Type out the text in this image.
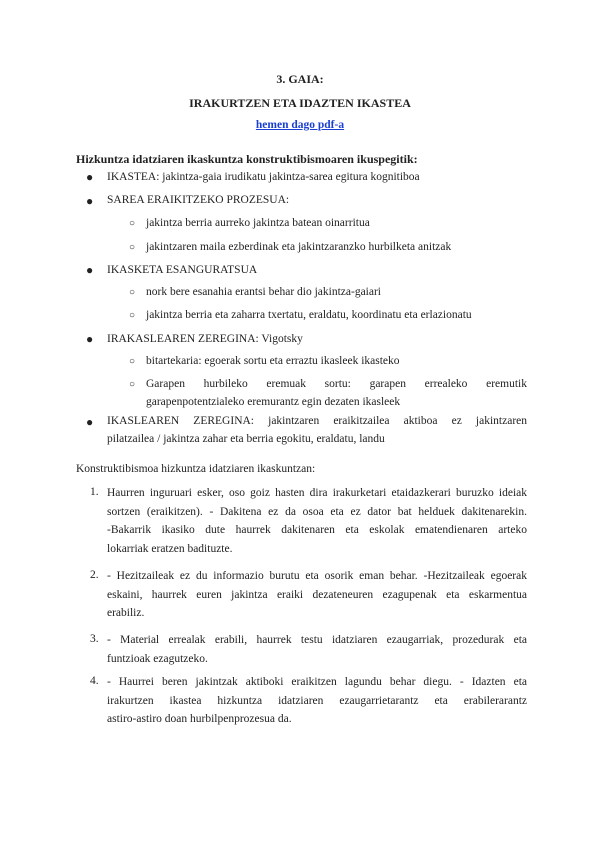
3. GAIA:
IRAKURTZEN ETA IDAZTEN IKASTEA
hemen dago pdf-a
Hizkuntza idatziaren ikaskuntza konstruktibismoaren ikuspegitik:
● IKASTEA: jakintza-gaia irudikatu jakintza-sarea egitura kognitiboa
● SAREA ERAIKITZEKO PROZESUA:
○ jakintza berria aurreko jakintza batean oinarritua
○ jakintzaren maila ezberdinak eta jakintzaranzko hurbilketa anitzak
● IKASKETA ESANGURATSUA
○ nork bere esanahia erantsi behar dio jakintza-gaiari
○ jakintza berria eta zaharra txertatu, eraldatu, koordinatu eta erlazionatu
● IRAKASLEAREN ZEREGINA: Vigotsky
○ bitartekaria: egoerak sortu eta erraztu ikasleek ikasteko
○ Garapen hurbileko eremuak sortu: garapen errealeko eremutik
garapenpotentzialeko eremurantz egin dezaten ikasleek
● IKASLEAREN ZEREGINA: jakintzaren eraikitzailea aktiboa ez jakintzaren
pilatzailea / jakintza zahar eta berria egokitu, eraldatu, landu
Konstruktibismoa hizkuntza idatziaren ikaskuntzan:
1. Haurren inguruari esker, oso goiz hasten dira irakurketari etaidazkerari buruzko ideiak
sortzen (eraikitzen). - Dakitena ez da osoa eta ez dator bat helduek dakitenarekin.
-Bakarrik ikasiko dute haurrek dakitenaren eta eskolak ematendienaren arteko
lokarriak eratzen badituzte.
2. - Hezitzaileak ez du informazio burutu eta osorik eman behar. -Hezitzaileak egoerak
eskaini, haurrek euren jakintza eraiki dezateneuren ezagupenak eta eskarmentua
erabiliz.
3. - Material errealak erabili, haurrek testu idatziaren ezaugarriak, prozedurak eta
funtzioak ezagutzeko.
4. - Haurrei beren jakintzak aktiboki eraikitzen lagundu behar diegu. - Idazten eta
irakurtzen ikastea hizkuntza idatziaren ezaugarrietarantz eta erabilerarantz
astiro-astiro doan hurbilpenprozesua da.
